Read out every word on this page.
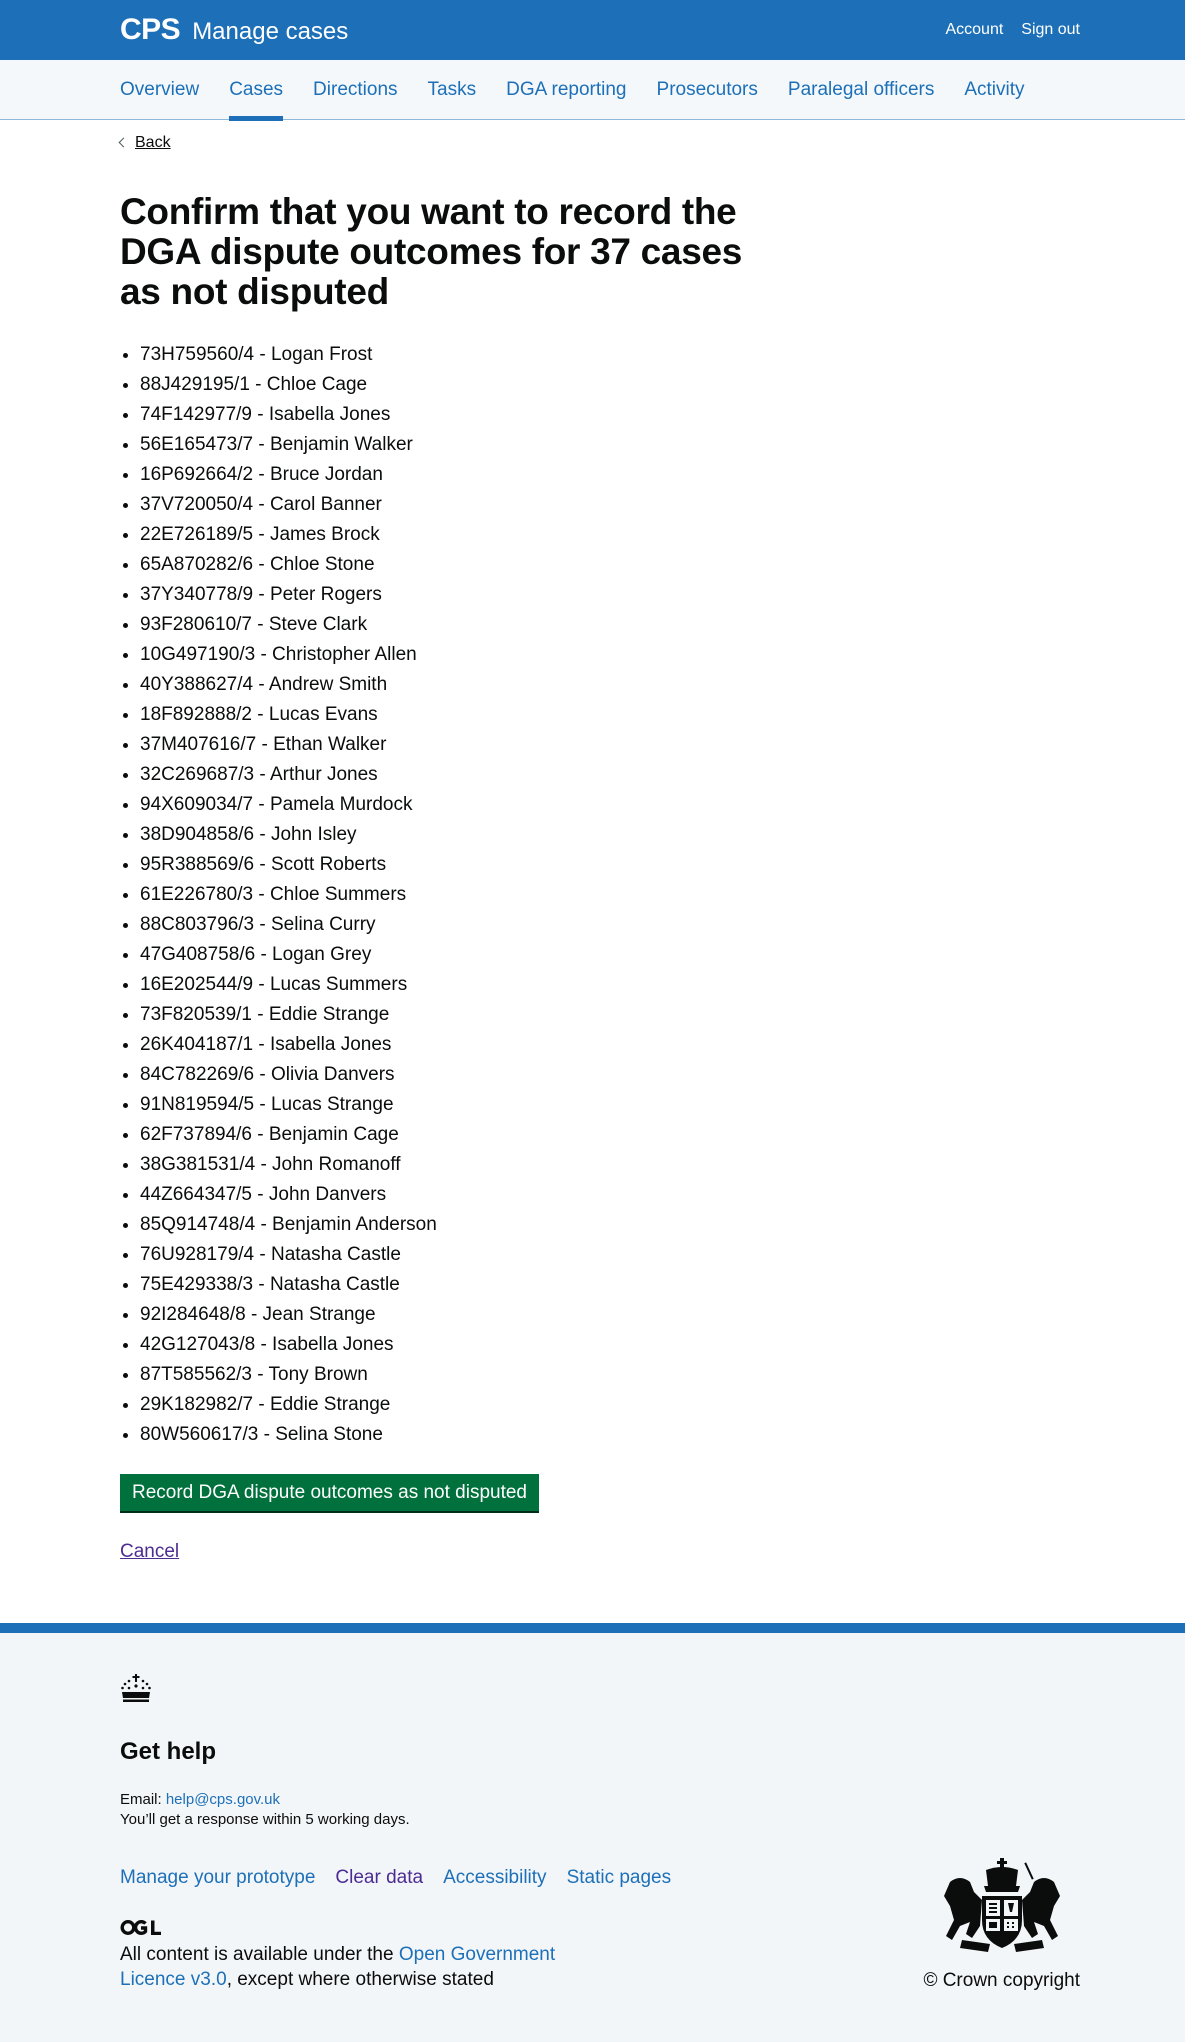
CPS Manage cases	Account Sign out
Overview Cases Directions Tasks DGA reporting Prosecutors Paralegal officers Activity
Back
Confirm that you want to record the DGA dispute outcomes for 37 cases as not disputed
• 73H759560/4 - Logan Frost
• 88J429195/1 - Chloe Cage
• 74F142977/9 - Isabella Jones
• 56E165473/7 - Benjamin Walker
• 16P692664/2 - Bruce Jordan
• 37V720050/4 - Carol Banner
• 22E726189/5 - James Brock
• 65A870282/6 - Chloe Stone
• 37Y340778/9 - Peter Rogers
• 93F280610/7 - Steve Clark
• 10G497190/3 - Christopher Allen
• 40Y388627/4 - Andrew Smith
• 18F892888/2 - Lucas Evans
• 37M407616/7 - Ethan Walker
• 32C269687/3 - Arthur Jones
• 94X609034/7 - Pamela Murdock
• 38D904858/6 - John Isley
• 95R388569/6 - Scott Roberts
• 61E226780/3 - Chloe Summers
• 88C803796/3 - Selina Curry
• 47G408758/6 - Logan Grey
• 16E202544/9 - Lucas Summers
• 73F820539/1 - Eddie Strange
• 26K404187/1 - Isabella Jones
• 84C782269/6 - Olivia Danvers
• 91N819594/5 - Lucas Strange
• 62F737894/6 - Benjamin Cage
• 38G381531/4 - John Romanoff
• 44Z664347/5 - John Danvers
• 85Q914748/4 - Benjamin Anderson
• 76U928179/4 - Natasha Castle
• 75E429338/3 - Natasha Castle
• 92I284648/8 - Jean Strange
• 42G127043/8 - Isabella Jones
• 87T585562/3 - Tony Brown
• 29K182982/7 - Eddie Strange
• 80W560617/3 - Selina Stone
Record DGA dispute outcomes as not disputed
Cancel
Get help

Email: help@cps.gov.uk

You’ll get a response within 5 working days.

Manage your prototype Clear data Accessibility Static pages

All content is available under the Open Government Licence v3.0, except where otherwise stated	© Crown copyright
